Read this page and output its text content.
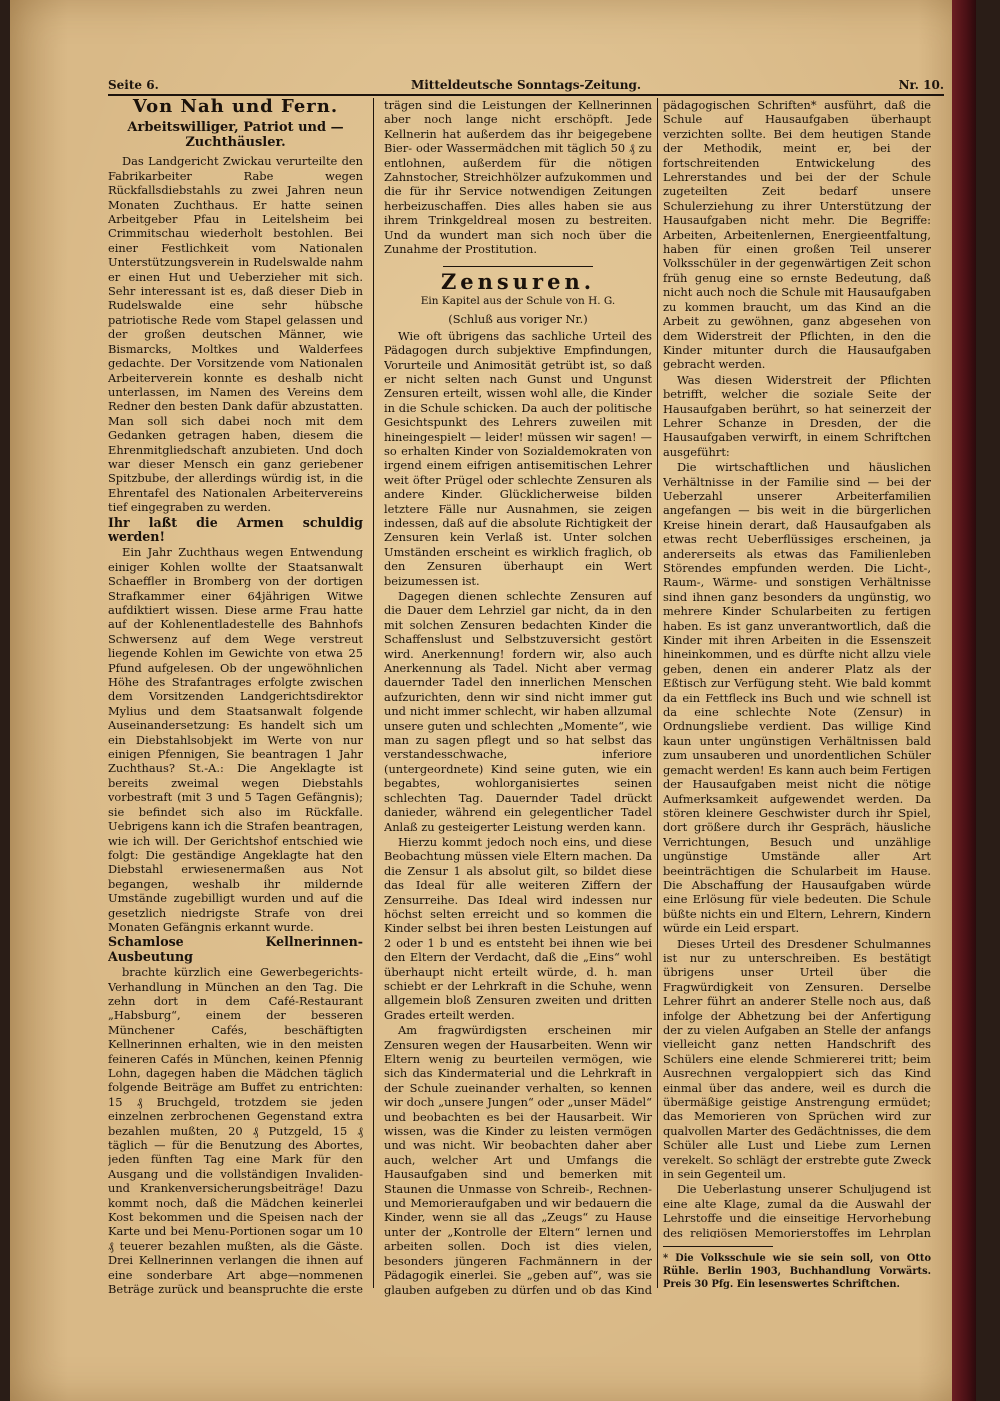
Seite 6.	Mitteldeutsche Sonntags-Zeitung.	Nr. 10.
Von Nah und Fern.
Arbeitswilliger, Patriot und — Zuchthäusler.

Das Landgericht Zwickau verurteilte den Fabrikarbeiter Rabe wegen Rückfallsdiebstahls zu zwei Jahren neun Monaten Zuchthaus. Er hatte seinen Arbeitgeber Pfau in Leitelsheim bei Crimmitschau wiederholt bestohlen. Bei einer Festlichkeit vom Nationalen Unterstützungsverein in Rudelswalde nahm er einen Hut und Ueberzieher mit sich. Sehr interessant ist es, daß dieser Dieb in Rudelswalde eine sehr hübsche patriotische Rede vom Stapel gelassen und der großen deutschen Männer, wie Bismarcks, Moltkes und Walderfees gedachte. Der Vorsitzende vom Nationalen Arbeiterverein konnte es deshalb nicht unterlassen, im Namen des Vereins dem Redner den besten Dank dafür abzustatten. Man soll sich dabei noch mit dem Gedanken getragen haben, diesem die Ehrenmitgliedschaft anzubieten. Und doch war dieser Mensch ein ganz geriebener Spitzbube, der allerdings würdig ist, in die Ehrentafel des Nationalen Arbeitervereins tief eingegraben zu werden.

Ihr laßt die Armen schuldig werden!

Ein Jahr Zuchthaus wegen Entwendung einiger Kohlen wollte der Staatsanwalt Schaeffler in Bromberg von der dortigen Strafkammer einer 64jährigen Witwe aufdiktiert wissen. Diese arme Frau hatte auf der Kohlenentladestelle des Bahnhofs Schwersenz auf dem Wege verstreut liegende Kohlen im Gewichte von etwa 25 Pfund aufgelesen. Ob der ungewöhnlichen Höhe des Strafantrages erfolgte zwischen dem Vorsitzenden Landgerichtsdirektor Mylius und dem Staatsanwalt folgende Auseinandersetzung: Es handelt sich um ein Diebstahlsobjekt im Werte von nur einigen Pfennigen, Sie beantragen 1 Jahr Zuchthaus? St.-A.: Die Angeklagte ist bereits zweimal wegen Diebstahls vorbestraft (mit 3 und 5 Tagen Gefängnis); sie befindet sich also im Rückfalle. Uebrigens kann ich die Strafen beantragen, wie ich will. Der Gerichtshof entschied wie folgt: Die geständige Angeklagte hat den Diebstahl erwiesenermaßen aus Not begangen, weshalb ihr mildernde Umstände zugebilligt wurden und auf die gesetzlich niedrigste Strafe von drei Monaten Gefängnis erkannt wurde.

Schamlose Kellnerinnen-Ausbeutung

brachte kürzlich eine Gewerbegerichts-Verhandlung in München an den Tag. Die zehn dort in dem Café-Restaurant „Habsburg“, einem der besseren Münchener Cafés, beschäftigten Kellnerinnen erhalten, wie in den meisten feineren Cafés in München, keinen Pfennig Lohn, dagegen haben die Mädchen täglich folgende Beiträge am Buffet zu entrichten: 15 ₰ Bruchgeld, trotzdem sie jeden einzelnen zerbrochenen Gegenstand extra bezahlen mußten, 20 ₰ Putzgeld, 15 ₰ täglich — für die Benutzung des Abortes, jeden fünften Tag eine Mark für den Ausgang und die vollständigen Invaliden- und Krankenversicherungsbeiträge! Dazu kommt noch, daß die Mädchen keinerlei Kost bekommen und die Speisen nach der Karte und bei Menu-Portionen sogar um 10 ₰ teuerer bezahlen mußten, als die Gäste. Drei Kellnerinnen verlangen die ihnen auf eine sonderbare Art abge—nommenen Beträge zurück und beanspruchte die erste

trägen sind die Leistungen der Kellnerinnen aber noch lange nicht erschöpft. Jede Kellnerin hat außerdem das ihr beigegebene Bier- oder Wassermädchen mit täglich 50 ₰ zu entlohnen, außerdem für die nötigen Zahnstocher, Streichhölzer aufzukommen und die für ihr Service notwendigen Zeitungen herbeizuschaffen. Dies alles haben sie aus ihrem Trinkgeldreal mosen zu bestreiten. Und da wundert man sich noch über die Zunahme der Prostitution.

Zensuren.
Ein Kapitel aus der Schule von H. G.
(Schluß aus voriger Nr.)

Wie oft übrigens das sachliche Urteil des Pädagogen durch subjektive Empfindungen, Vorurteile und Animosität getrübt ist, so daß er nicht selten nach Gunst und Ungunst Zensuren erteilt, wissen wohl alle, die Kinder in die Schule schicken. Da auch der politische Gesichtspunkt des Lehrers zuweilen mit hineingespielt — leider! müssen wir sagen! — so erhalten Kinder von Sozialdemokraten von irgend einem eifrigen antisemitischen Lehrer weit öfter Prügel oder schlechte Zensuren als andere Kinder. Glücklicherweise bilden letztere Fälle nur Ausnahmen, sie zeigen indessen, daß auf die absolute Richtigkeit der Zensuren kein Verlaß ist. Unter solchen Umständen erscheint es wirklich fraglich, ob den Zensuren überhaupt ein Wert beizumessen ist.

Dagegen dienen schlechte Zensuren auf die Dauer dem Lehrziel gar nicht, da in den mit solchen Zensuren bedachten Kinder die Schaffenslust und Selbstzuversicht gestört wird. Anerkennung! fordern wir, also auch Anerkennung als Tadel. Nicht aber vermag dauernder Tadel den innerlichen Menschen aufzurichten, denn wir sind nicht immer gut und nicht immer schlecht, wir haben allzumal unsere guten und schlechten „Momente“, wie man zu sagen pflegt und so hat selbst das verstandesschwache, inferiore (untergeordnete) Kind seine guten, wie ein begabtes, wohlorganisiertes seinen schlechten Tag. Dauernder Tadel drückt danieder, während ein gelegentlicher Tadel Anlaß zu gesteigerter Leistung werden kann.

Hierzu kommt jedoch noch eins, und diese Beobachtung müssen viele Eltern machen. Da die Zensur 1 als absolut gilt, so bildet diese das Ideal für alle weiteren Ziffern der Zensurreihe. Das Ideal wird indessen nur höchst selten erreicht und so kommen die Kinder selbst bei ihren besten Leistungen auf 2 oder 1 b und es entsteht bei ihnen wie bei den Eltern der Verdacht, daß die „Eins“ wohl überhaupt nicht erteilt würde, d. h. man schiebt er der Lehrkraft in die Schuhe, wenn allgemein bloß Zensuren zweiten und dritten Grades erteilt werden.

Am fragwürdigsten erscheinen mir Zensuren wegen der Hausarbeiten. Wenn wir Eltern wenig zu beurteilen vermögen, wie sich das Kindermaterial und die Lehrkraft in der Schule zueinander verhalten, so kennen wir doch „unsere Jungen“ oder „unser Mädel“ und beobachten es bei der Hausarbeit. Wir wissen, was die Kinder zu leisten vermögen und was nicht. Wir beobachten daher aber auch, welcher Art und Umfangs die Hausaufgaben sind und bemerken mit Staunen die Unmasse von Schreib-, Rechnen- und Memorieraufgaben und wir bedauern die Kinder, wenn sie all das „Zeugs“ zu Hause unter der „Kontrolle der Eltern“ lernen und arbeiten sollen. Doch ist dies vielen, besonders jüngeren Fachmännern in der Pädagogik einerlei. Sie „geben auf“, was sie glauben aufgeben zu dürfen und ob das Kind

pädagogischen Schriften* ausführt, daß die Schule auf Hausaufgaben überhaupt verzichten sollte. Bei dem heutigen Stande der Methodik, meint er, bei der fortschreitenden Entwickelung des Lehrerstandes und bei der der Schule zugeteilten Zeit bedarf unsere Schulerziehung zu ihrer Unterstützung der Hausaufgaben nicht mehr. Die Begriffe: Arbeiten, Arbeitenlernen, Energieentfaltung, haben für einen großen Teil unserer Volksschüler in der gegenwärtigen Zeit schon früh genug eine so ernste Bedeutung, daß nicht auch noch die Schule mit Hausaufgaben zu kommen braucht, um das Kind an die Arbeit zu gewöhnen, ganz abgesehen von dem Widerstreit der Pflichten, in den die Kinder mitunter durch die Hausaufgaben gebracht werden.

Was diesen Widerstreit der Pflichten betrifft, welcher die soziale Seite der Hausaufgaben berührt, so hat seinerzeit der Lehrer Schanze in Dresden, der die Hausaufgaben verwirft, in einem Schriftchen ausgeführt:

Die wirtschaftlichen und häuslichen Verhältnisse in der Familie sind — bei der Ueberzahl unserer Arbeiterfamilien angefangen — bis weit in die bürgerlichen Kreise hinein derart, daß Hausaufgaben als etwas recht Ueberflüssiges erscheinen, ja andererseits als etwas das Familienleben Störendes empfunden werden. Die Licht-, Raum-, Wärme- und sonstigen Verhältnisse sind ihnen ganz besonders da ungünstig, wo mehrere Kinder Schularbeiten zu fertigen haben. Es ist ganz unverantwortlich, daß die Kinder mit ihren Arbeiten in die Essenszeit hineinkommen, und es dürfte nicht allzu viele geben, denen ein anderer Platz als der Eßtisch zur Verfügung steht. Wie bald kommt da ein Fettfleck ins Buch und wie schnell ist da eine schlechte Note (Zensur) in Ordnungsliebe verdient. Das willige Kind kaun unter ungünstigen Verhältnissen bald zum unsauberen und unordentlichen Schüler gemacht werden! Es kann auch beim Fertigen der Hausaufgaben meist nicht die nötige Aufmerksamkeit aufgewendet werden. Da stören kleinere Geschwister durch ihr Spiel, dort größere durch ihr Gespräch, häusliche Verrichtungen, Besuch und unzählige ungünstige Umstände aller Art beeinträchtigen die Schularbeit im Hause. Die Abschaffung der Hausaufgaben würde eine Erlösung für viele bedeuten. Die Schule büßte nichts ein und Eltern, Lehrern, Kindern würde ein Leid erspart.

Dieses Urteil des Dresdener Schulmannes ist nur zu unterschreiben. Es bestätigt übrigens unser Urteil über die Fragwürdigkeit von Zensuren. Derselbe Lehrer führt an anderer Stelle noch aus, daß infolge der Abhetzung bei der Anfertigung der zu vielen Aufgaben an Stelle der anfangs vielleicht ganz netten Handschrift des Schülers eine elende Schmiererei tritt; beim Ausrechnen vergaloppiert sich das Kind einmal über das andere, weil es durch die übermäßige geistige Anstrengung ermüdet; das Memorieren von Sprüchen wird zur qualvollen Marter des Gedächtnisses, die dem Schüler alle Lust und Liebe zum Lernen verekelt. So schlägt der erstrebte gute Zweck in sein Gegenteil um.

Die Ueberlastung unserer Schuljugend ist eine alte Klage, zumal da die Auswahl der Lehrstoffe und die einseitige Hervorhebung des religiösen Memorierstoffes im Lehrplan

* Die Volksschule wie sie sein soll, von Otto Rühle. Berlin 1903, Buchhandlung Vorwärts. Preis 30 Pfg. Ein lesenswertes Schriftchen.
